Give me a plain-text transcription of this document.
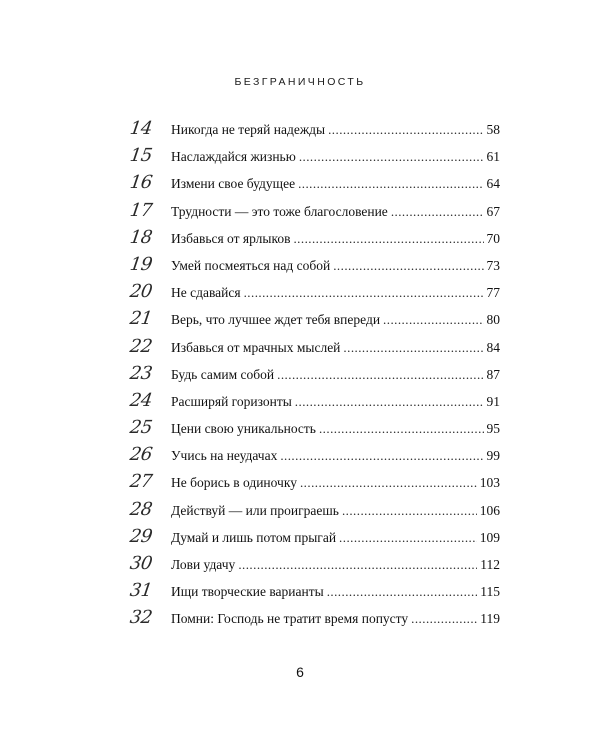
БЕЗГРАНИЧНОСТЬ
14	Никогда не теряй надежды . . .	58
15	Наслаждайся жизнью . . .	61
16	Измени свое будущее . . .	64
17	Трудности — это тоже благословение . . .	67
18	Избавься от ярлыков . . .	70
19	Умей посмеяться над собой . . .	73
20	Не сдавайся . . .	77
21	Верь, что лучшее ждет тебя впереди . . .	80
22	Избавься от мрачных мыслей . . .	84
23	Будь самим собой . . .	87
24	Расширяй горизонты . . .	91
25	Цени свою уникальность . . .	95
26	Учись на неудачах . . .	99
27	Не борись в одиночку . . .	103
28	Действуй — или проиграешь . . .	106
29	Думай и лишь потом прыгай . . .	109
30	Лови удачу . . .	112
31	Ищи творческие варианты . . .	115
32	Помни: Господь не тратит время попусту . . .	119
6
